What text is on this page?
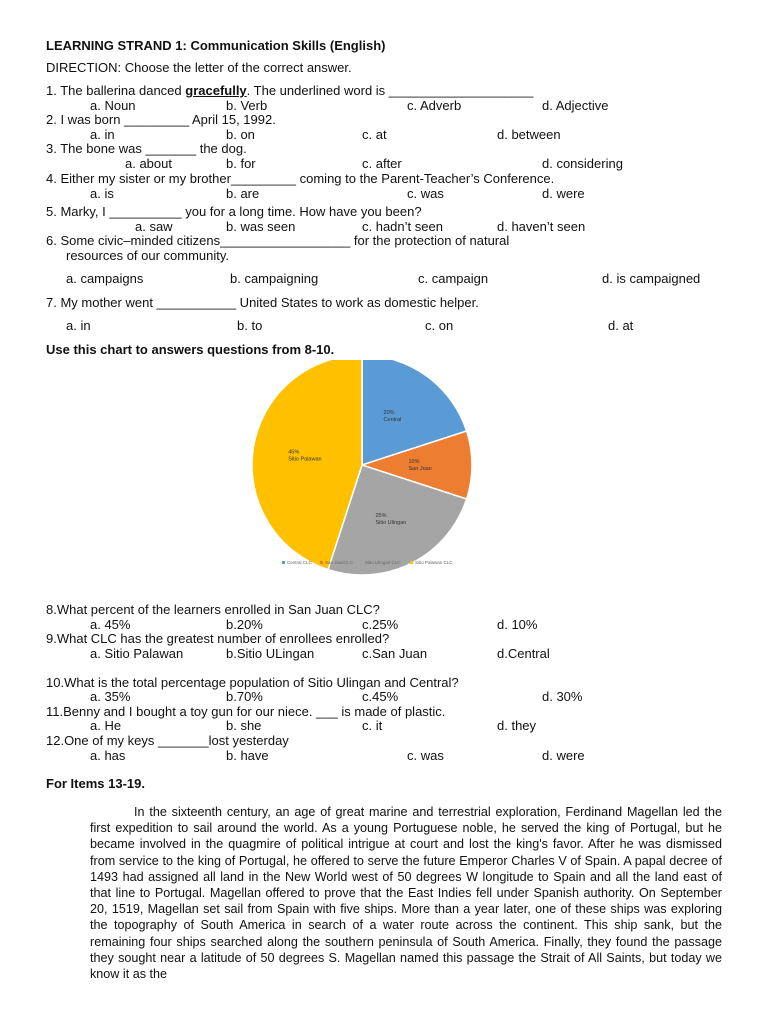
LEARNING STRAND 1: Communication Skills (English)
DIRECTION: Choose the letter of the correct answer.
1. The ballerina danced gracefully. The underlined word is ____________________
a. Noun	b. Verb	c. Adverb	d. Adjective
2. I was born _________ April 15, 1992.
a. in	b. on	c. at	d. between
3. The bone was _______ the dog.
a. about	b. for	c. after	d. considering
4. Either my sister or my brother_________ coming to the Parent-Teacher’s Conference.
a. is	b. are	c. was	d. were
5. Marky, I __________ you for a long time. How have you been?
a. saw	b. was seen	c. hadn’t seen	d. haven’t seen
6. Some civic–minded citizens__________________ for the protection of natural
resources of our community.
a. campaigns	b. campaigning	c. campaign	d. is campaigned
7. My mother went ___________ United States to work as domestic helper.
a. in	b. to	c. on	d. at
Use this chart to answers questions from 8-10.
20%
Central
10%
San Juan
25%
Sitio Ulingan
45%
Sitio Palawan
Central CLC	San JuanCLC	Sitio Ulingan CLC	Sitio Palawan CLC
8.What percent of the learners enrolled in San Juan CLC?
a. 45%	b.20%	c.25%	d. 10%
9.What CLC has the greatest number of enrollees enrolled?
a. Sitio Palawan	b.Sitio ULingan	c.San Juan	d.Central
10.What is the total percentage population of Sitio Ulingan and Central?
a. 35%	b.70%	c.45%	d. 30%
11.Benny and I bought a toy gun for our niece. ___ is made of plastic.
a. He	b. she	c. it	d. they
12.One of my keys _______lost yesterday
a. has	b. have	c. was	d. were
For Items 13-19.
In the sixteenth century, an age of great marine and terrestrial exploration, Ferdinand Magellan led the first expedition to sail around the world. As a young Portuguese noble, he served the king of Portugal, but he became involved in the quagmire of political intrigue at court and lost the king's favor. After he was dismissed from service to the king of Portugal, he offered to serve the future Emperor Charles V of Spain. A papal decree of 1493 had assigned all land in the New World west of 50 degrees W longitude to Spain and all the land east of that line to Portugal. Magellan offered to prove that the East Indies fell under Spanish authority. On September 20, 1519, Magellan set sail from Spain with five ships. More than a year later, one of these ships was exploring the topography of South America in search of a water route across the continent. This ship sank, but the remaining four ships searched along the southern peninsula of South America. Finally, they found the passage they sought near a latitude of 50 degrees S. Magellan named this passage the Strait of All Saints, but today we know it as the
